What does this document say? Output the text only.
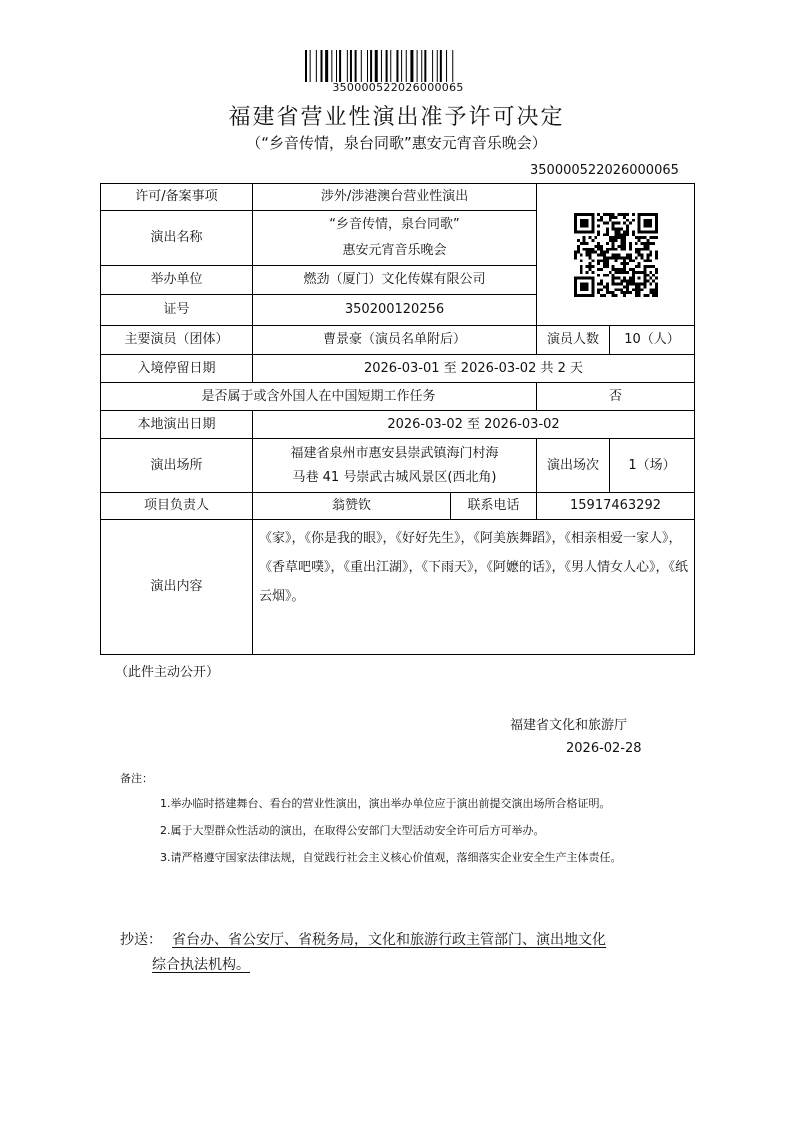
350000522026000065
福建省营业性演出准予许可决定
（“乡音传情，泉台同歌”惠安元宵音乐晚会）
350000522026000065
许可/备案事项	涉外/涉港澳台营业性演出	

演出名称	“乡音传情，泉台同歌”
惠安元宵音乐晚会			

举办单位	燃劲（厦门）文化传媒有限公司			
证号	350200120256			
主要演员（团体）	曹景豪（演员名单附后）		演员人数	10（人）
入境停留日期	2026-03-01 至 2026-03-02 共 2 天			
是否属于或含外国人在中国短期工作任务			否	
本地演出日期	2026-03-02 至 2026-03-02			
演出场所	福建省泉州市惠安县崇武镇海门村海
马巷 41 号崇武古城风景区(西北角)		演出场次	1（场）
项目负责人	翁赞钦	联系电话	15917463292	
演出内容	《家》，《你是我的眼》，《好好先生》，《阿美族舞蹈》，《相亲相爱一家人》，《香草吧噗》，《重出江湖》，《下雨天》，《阿嬷的话》，《男人情女人心》，《纸云烟》。			
（此件主动公开）
福建省文化和旅游厅
2026-02-28
备注：
1.举办临时搭建舞台、看台的营业性演出，演出举办单位应于演出前提交演出场所合格证明。
2.属于大型群众性活动的演出，在取得公安部门大型活动安全许可后方可举办。
3.请严格遵守国家法律法规，自觉践行社会主义核心价值观，落细落实企业安全生产主体责任。
抄送： 省台办、省公安厅、省税务局，文化和旅游行政主管部门、演出地文化
综合执法机构。
